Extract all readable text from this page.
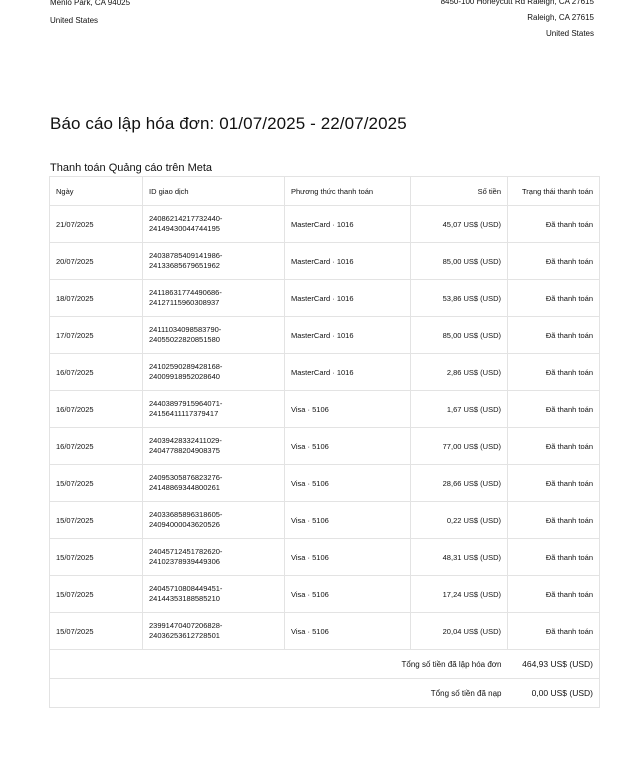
Menlo Park, CA 94025
United States
8450-100 Honeycutt Rd Raleigh, CA 27615
Raleigh, CA 27615
United States
Báo cáo lập hóa đơn: 01/07/2025 - 22/07/2025
Thanh toán Quảng cáo trên Meta
Ngày	ID giao dịch	Phương thức thanh toán	Số tiền	Trạng thái thanh toán
21/07/2025	24086214217732440-24149430044744195	MasterCard · 1016	45,07 US$ (USD)	Đã thanh toán
20/07/2025	24038785409141986-24133685679651962	MasterCard · 1016	85,00 US$ (USD)	Đã thanh toán
18/07/2025	24118631774490686-24127115960308937	MasterCard · 1016	53,86 US$ (USD)	Đã thanh toán
17/07/2025	24111034098583790-24055022820851580	MasterCard · 1016	85,00 US$ (USD)	Đã thanh toán
16/07/2025	24102590289428168-24009918952028640	MasterCard · 1016	2,86 US$ (USD)	Đã thanh toán
16/07/2025	24403897915964071-24156411117379417	Visa · 5106	1,67 US$ (USD)	Đã thanh toán
16/07/2025	24039428332411029-24047788204908375	Visa · 5106	77,00 US$ (USD)	Đã thanh toán
15/07/2025	24095305876823276-24148869344800261	Visa · 5106	28,66 US$ (USD)	Đã thanh toán
15/07/2025	24033685896318605-24094000043620526	Visa · 5106	0,22 US$ (USD)	Đã thanh toán
15/07/2025	24045712451782620-24102378939449306	Visa · 5106	48,31 US$ (USD)	Đã thanh toán
15/07/2025	24045710808449451-24144353188585210	Visa · 5106	17,24 US$ (USD)	Đã thanh toán
15/07/2025	23991470407206828-24036253612728501	Visa · 5106	20,04 US$ (USD)	Đã thanh toán
Tổng số tiền đã lập hóa đơn				464,93 US$ (USD)
Tổng số tiền đã nạp				0,00 US$ (USD)
